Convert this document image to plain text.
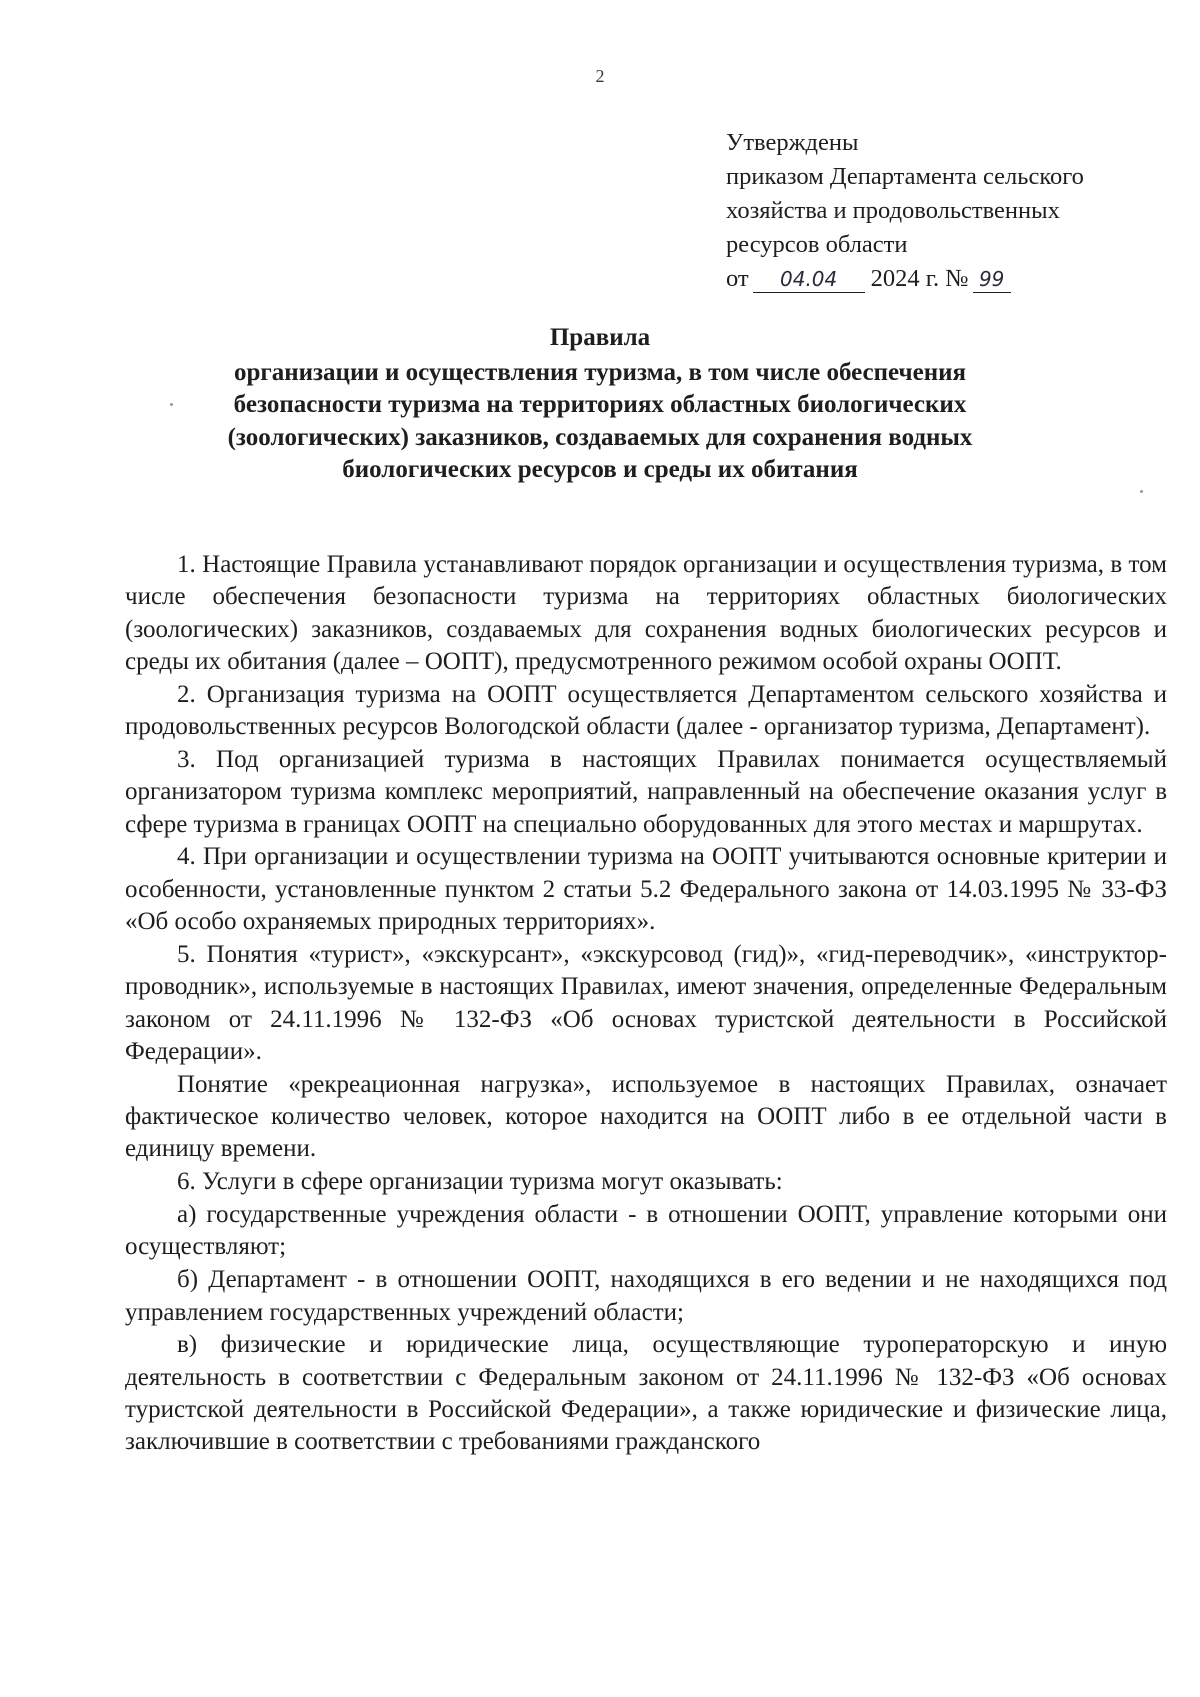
2
Утверждены
приказом Департамента сельского
хозяйства и продовольственных
ресурсов области
от 04.04 2024 г. № 99
Правила
организации и осуществления туризма, в том числе обеспечения
безопасности туризма на территориях областных биологических
(зоологических) заказников, создаваемых для сохранения водных
биологических ресурсов и среды их обитания

1. Настоящие Правила устанавливают порядок организации и осуществления туризма, в том числе обеспечения безопасности туризма на территориях областных биологических (зоологических) заказников, создаваемых для сохранения водных биологических ресурсов и среды их обитания (далее – ООПТ), предусмотренного режимом особой охраны ООПТ.

2. Организация туризма на ООПТ осуществляется Департаментом сельского хозяйства и продовольственных ресурсов Вологодской области (далее - организатор туризма, Департамент).

3. Под организацией туризма в настоящих Правилах понимается осуществляемый организатором туризма комплекс мероприятий, направленный на обеспечение оказания услуг в сфере туризма в границах ООПТ на специально оборудованных для этого местах и маршрутах.

4. При организации и осуществлении туризма на ООПТ учитываются основные критерии и особенности, установленные пунктом 2 статьи 5.2 Федерального закона от 14.03.1995 № 33-ФЗ «Об особо охраняемых природных территориях».

5. Понятия «турист», «экскурсант», «экскурсовод (гид)», «гид-переводчик», «инструктор-проводник», используемые в настоящих Правилах, имеют значения, определенные Федеральным законом от 24.11.1996 № 132-ФЗ «Об основах туристской деятельности в Российской Федерации».

Понятие «рекреационная нагрузка», используемое в настоящих Правилах, означает фактическое количество человек, которое находится на ООПТ либо в ее отдельной части в единицу времени.

6. Услуги в сфере организации туризма могут оказывать:

а) государственные учреждения области - в отношении ООПТ, управление которыми они осуществляют;

б) Департамент - в отношении ООПТ, находящихся в его ведении и не находящихся под управлением государственных учреждений области;

в) физические и юридические лица, осуществляющие туроператорскую и иную деятельность в соответствии с Федеральным законом от 24.11.1996 № 132-ФЗ «Об основах туристской деятельности в Российской Федерации», а также юридические и физические лица, заключившие в соответствии с требованиями гражданского
